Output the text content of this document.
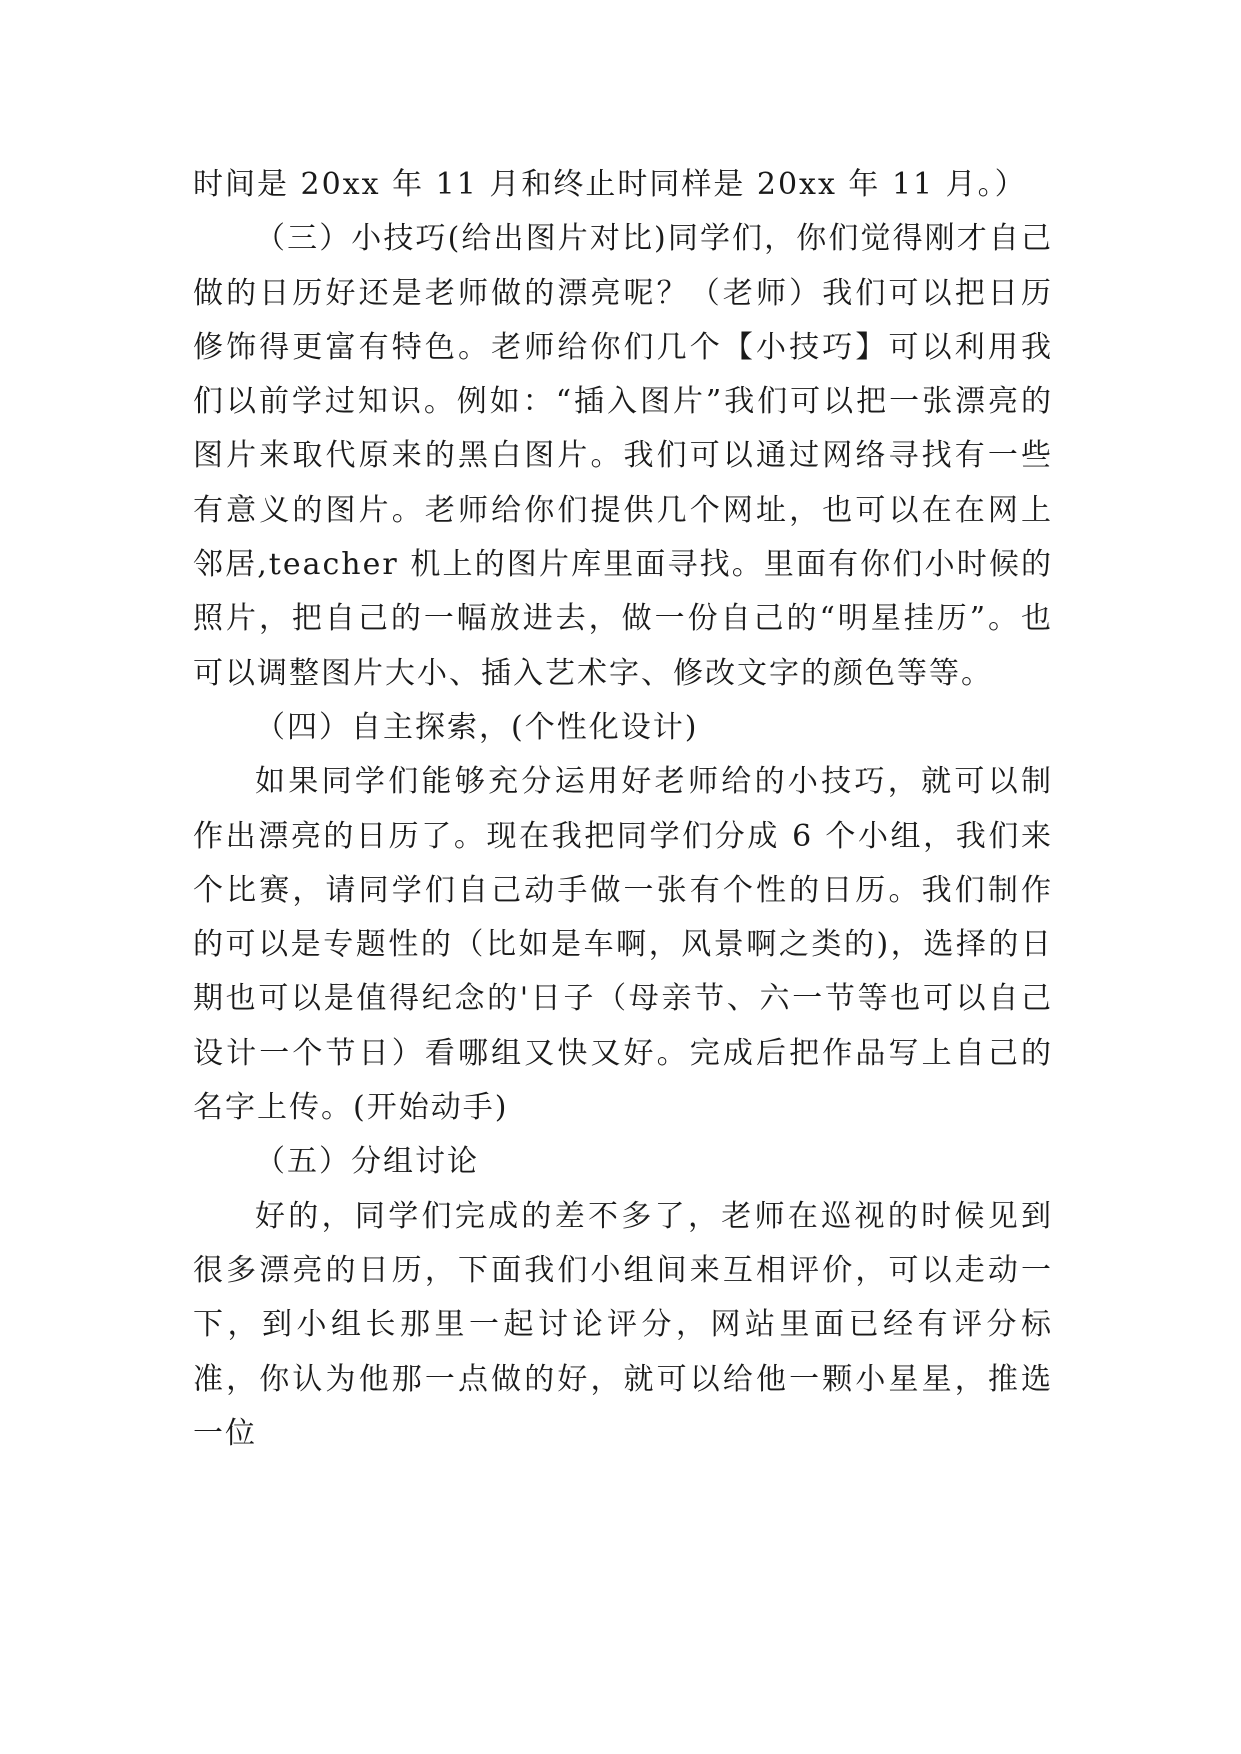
时间是 20xx 年 11 月和终止时同样是 20xx 年 11 月。）

（三）小技巧(给出图片对比)同学们，你们觉得刚才自己做的日历好还是老师做的漂亮呢？（老师）我们可以把日历修饰得更富有特色。老师给你们几个【小技巧】可以利用我们以前学过知识。例如：“插入图片”我们可以把一张漂亮的图片来取代原来的黑白图片。我们可以通过网络寻找有一些有意义的图片。老师给你们提供几个网址，也可以在在网上邻居,teacher 机上的图片库里面寻找。里面有你们小时候的照片，把自己的一幅放进去，做一份自己的“明星挂历”。也可以调整图片大小、插入艺术字、修改文字的颜色等等。

（四）自主探索，(个性化设计)

如果同学们能够充分运用好老师给的小技巧，就可以制作出漂亮的日历了。现在我把同学们分成 6 个小组，我们来个比赛，请同学们自己动手做一张有个性的日历。我们制作的可以是专题性的（比如是车啊，风景啊之类的)，选择的日期也可以是值得纪念的'日子（母亲节、六一节等也可以自己设计一个节日）看哪组又快又好。完成后把作品写上自己的名字上传。(开始动手)

（五）分组讨论

好的，同学们完成的差不多了，老师在巡视的时候见到很多漂亮的日历，下面我们小组间来互相评价，可以走动一下，到小组长那里一起讨论评分，网站里面已经有评分标准，你认为他那一点做的好，就可以给他一颗小星星，推选一位
